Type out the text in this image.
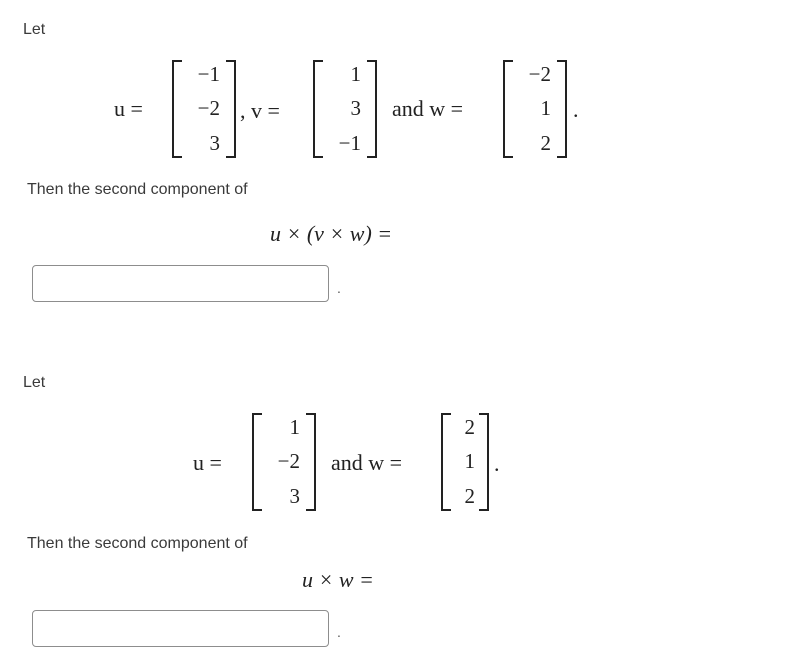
Let
u =
−1
−2
3
, v =
1
3
−1
and w =
−2
1
2
.
Then the second component of
u × (v × w) =
.
Let
u =
1
−2
3
and w =
2
1
2
.
Then the second component of
u × w =
.
